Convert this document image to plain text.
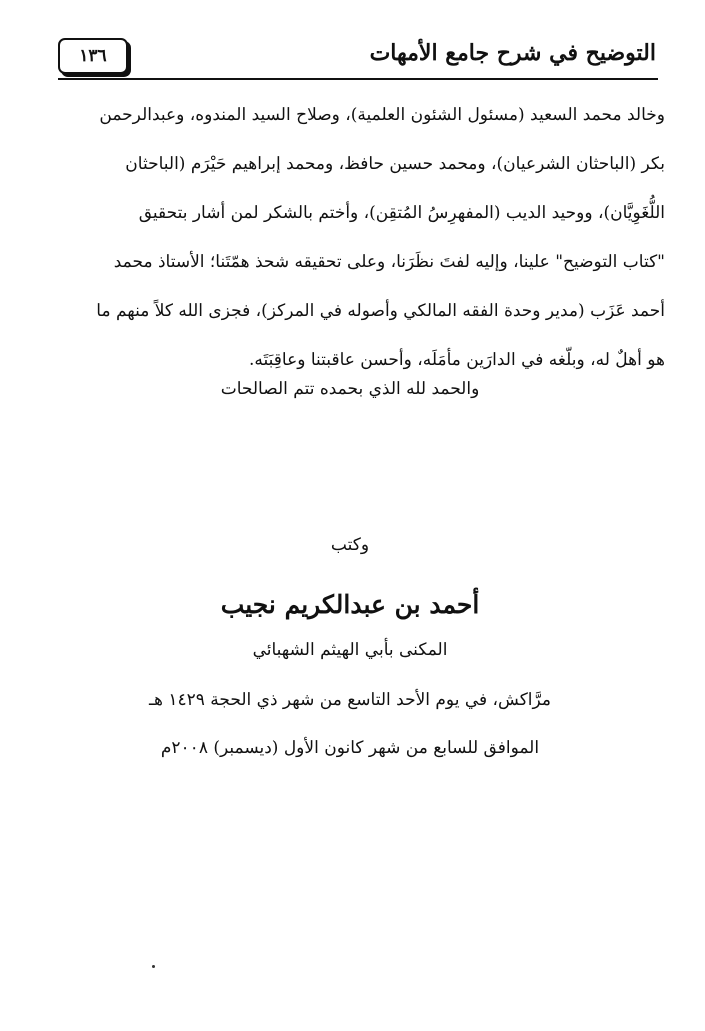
١٣٦	التوضيح في شرح جامع الأمهات
وخالد محمد السعيد (مسئول الشئون العلمية)، وصلاح السيد المندوه، وعبدالرحمن
بكر (الباحثان الشرعيان)، ومحمد حسين حافظ، ومحمد إبراهيم حَيْرَم (الباحثان
اللُّغَوِيَّان)، ووحيد الديب (المفهرِسُ المُتقِن)، وأختم بالشكر لمن أشار بتحقيق
"كتاب التوضيح" علينا، وإليه لفتَ نظَرَنا، وعلى تحقيقه شحذ همّتَنا؛ الأستاذ محمد
أحمد عَزَب (مدير وحدة الفقه المالكي وأصوله في المركز)، فجزى الله كلاً منهم ما
هو أهلٌ له، وبلّغه في الدارَين مأمَلَه، وأحسن عاقبتنا وعاقِبَتَه.
والحمد لله الذي بحمده تتم الصالحات
وكتب
أحمد بن عبدالكريم نجيب
المكنى بأبي الهيثم الشهبائي
مرَّاكش، في يوم الأحد التاسع من شهر ذي الحجة ١٤٢٩ هـ
الموافق للسابع من شهر كانون الأول (ديسمبر) ٢٠٠٨م
